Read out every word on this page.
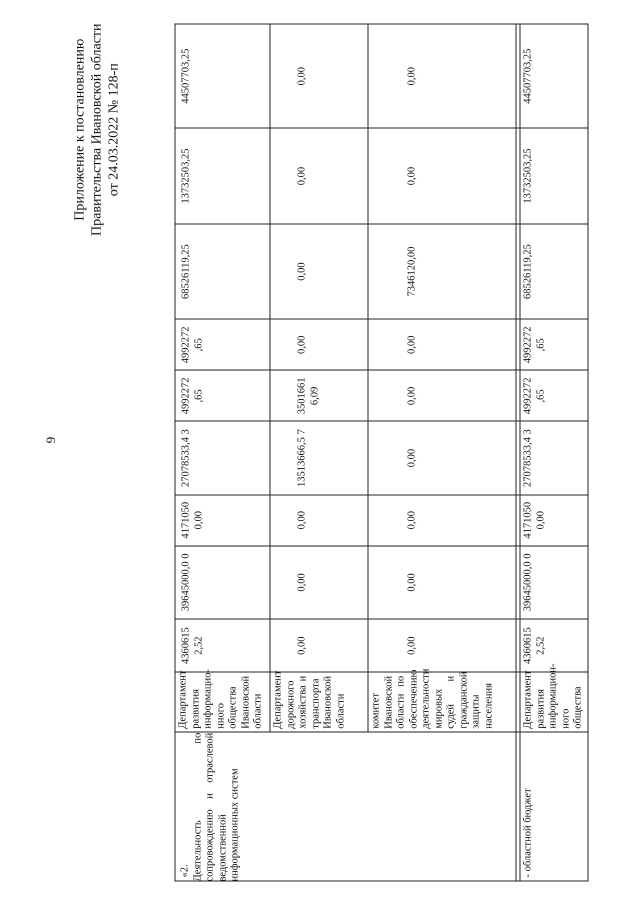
9
Приложение к постановлению Правительства Ивановской области от 24.03.2022 № 128-п
«2. Деятельность по сопровождению и отраслевой ведомственной информационных систем	Департамент развития информацио-нного общества Ивановской области	4360615 2,52	39645000,0 0	4171050 0,00	27078533,4 3	4992272 ,65	4992272 ,65	68526119,25	13732503,25	44507703,25
	Департамент дорожного хозяйства и транспорта Ивановской области	0,00	0,00	0,00	13513666,5 7	3501661 6,09	0,00	0,00	0,00	0,00
	комитет Ивановской области по обеспечению деятельности мировых судей и гражданской защиты населения	0,00	0,00	0,00	0,00	0,00	0,00	7346120,00	0,00	0,00

- областной бюджет	Департамент развития информацион-ного общества	4360615 2,52	39645000,0 0	4171050 0,00	27078533,4 3	4992272 ,65	4992272 ,65	68526119,25	13732503,25	44507703,25
